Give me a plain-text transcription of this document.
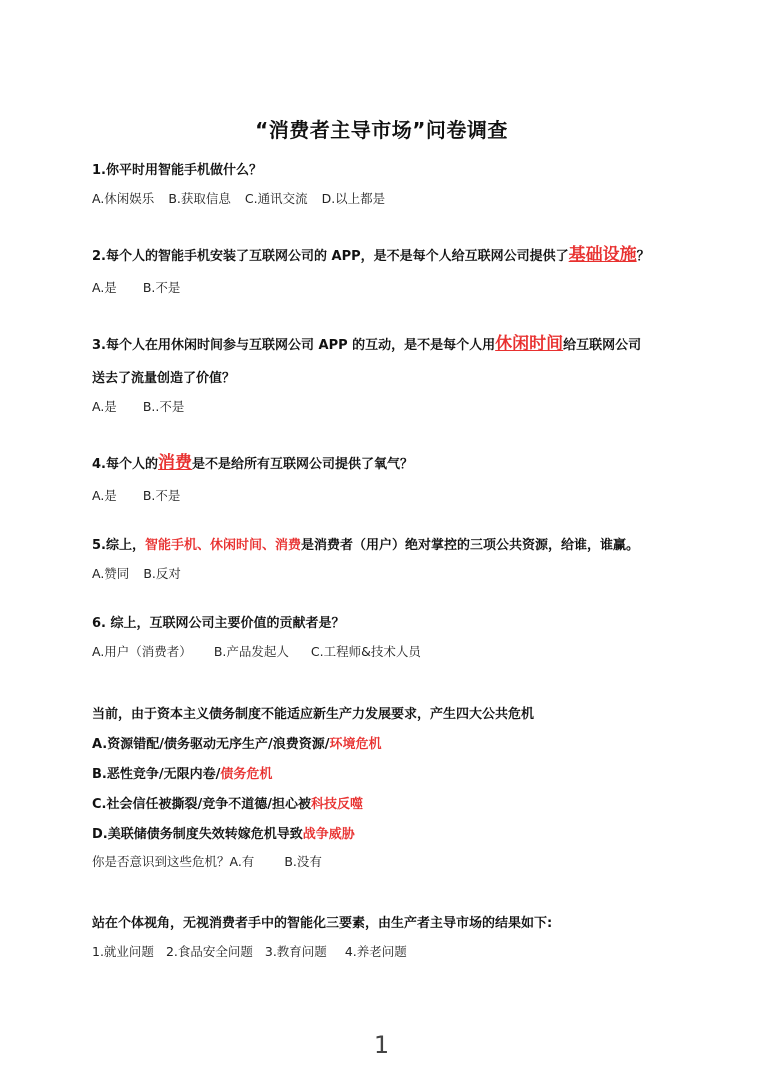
“消费者主导市场”问卷调查
1.你平时用智能手机做什么？
A.休闲娱乐 B.获取信息 C.通讯交流 D.以上都是
2.每个人的智能手机安装了互联网公司的 APP，是不是每个人给互联网公司提供了基础设施？
A.是 B.不是
3.每个人在用休闲时间参与互联网公司 APP 的互动，是不是每个人用休闲时间给互联网公司
送去了流量创造了价值？
A.是 B..不是
4.每个人的消费是不是给所有互联网公司提供了氧气？
A.是 B.不是
5.综上，智能手机、休闲时间、消费是消费者（用户）绝对掌控的三项公共资源，给谁，谁赢。
A.赞同 B.反对
6. 综上，互联网公司主要价值的贡献者是？
A.用户（消费者） B.产品发起人 C.工程师&技术人员
当前，由于资本主义债务制度不能适应新生产力发展要求，产生四大公共危机
A.资源错配/债务驱动无序生产/浪费资源/环境危机
B.恶性竞争/无限内卷/债务危机
C.社会信任被撕裂/竞争不道德/担心被科技反噬
D.美联储债务制度失效转嫁危机导致战争威胁
你是否意识到这些危机？A.有 B.没有
站在个体视角，无视消费者手中的智能化三要素，由生产者主导市场的结果如下:
1.就业问题 2.食品安全问题 3.教育问题 4.养老问题
1
